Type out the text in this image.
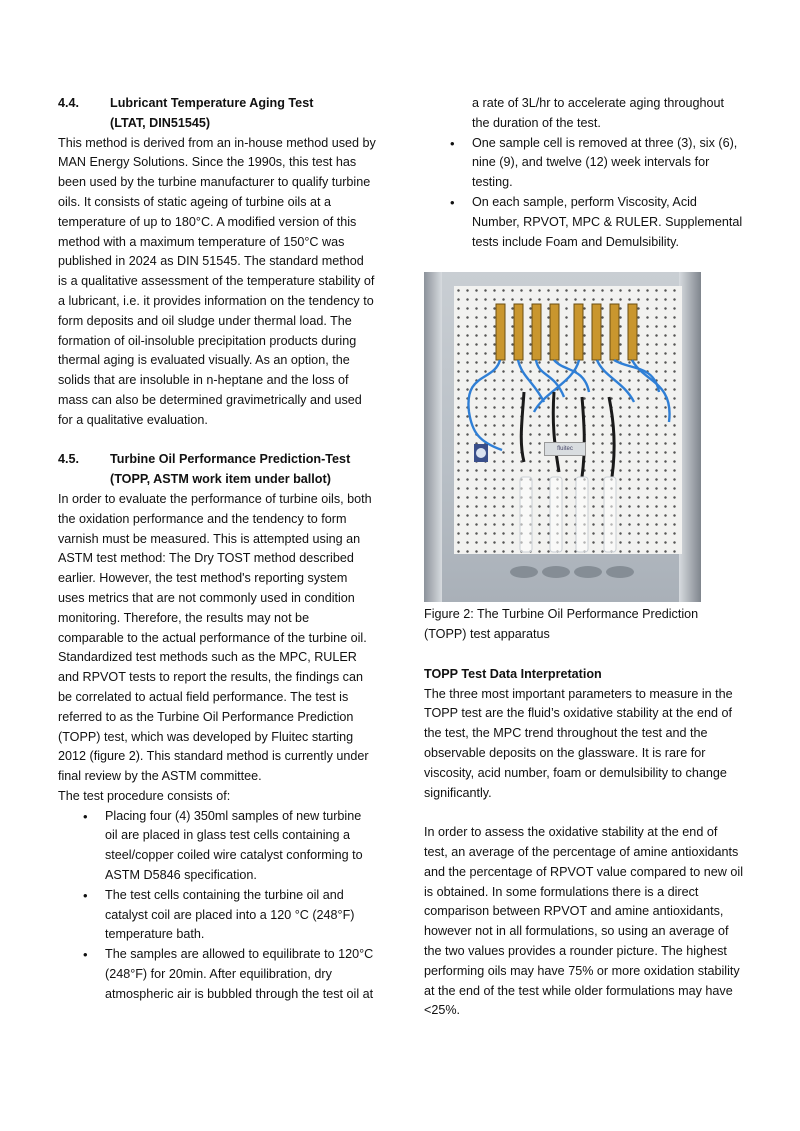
4.4.	Lubricant Temperature Aging Test
(LTAT, DIN51545)

This method is derived from an in-house method used by MAN Energy Solutions. Since the 1990s, this test has been used by the turbine manufacturer to qualify turbine oils. It consists of static ageing of turbine oils at a temperature of up to 180°C. A modified version of this method with a maximum temperature of 150°C was published in 2024 as DIN 51545. The standard method is a qualitative assessment of the temperature stability of a lubricant, i.e. it provides information on the tendency to form deposits and oil sludge under thermal load. The formation of oil-insoluble precipitation products during thermal aging is evaluated visually. As an option, the solids that are insoluble in n-heptane and the loss of mass can also be determined gravimetrically and used for a qualitative evaluation.

4.5.	Turbine Oil Performance Prediction-Test
(TOPP, ASTM work item under ballot)

In order to evaluate the performance of turbine oils, both the oxidation performance and the tendency to form varnish must be measured. This is attempted using an ASTM test method: The Dry TOST method described earlier. However, the test method's reporting system uses metrics that are not commonly used in condition monitoring. Therefore, the results may not be comparable to the actual performance of the turbine oil. Standardized test methods such as the MPC, RULER and RPVOT tests to report the results, the findings can be correlated to actual field performance. The test is referred to as the Turbine Oil Performance Prediction (TOPP) test, which was developed by Fluitec starting 2012 (figure 2). This standard method is currently under final review by the ASTM committee.

The test procedure consists of:

• Placing four (4) 350ml samples of new turbine oil are placed in glass test cells containing a steel/copper coiled wire catalyst conforming to ASTM D5846 specification.
• The test cells containing the turbine oil and catalyst coil are placed into a 120 °C (248°F) temperature bath.
• The samples are allowed to equilibrate to 120°C (248°F) for 20min. After equilibration, dry atmospheric air is bubbled through the test oil at

a rate of 3L/hr to accelerate aging throughout the duration of the test.

• One sample cell is removed at three (3), six (6), nine (9), and twelve (12) week intervals for testing.
• On each sample, perform Viscosity, Acid Number, RPVOT, MPC & RULER. Supplemental tests include Foam and Demulsibility.
fluitec

Figure 2: The Turbine Oil Performance Prediction (TOPP) test apparatus

TOPP Test Data Interpretation

The three most important parameters to measure in the TOPP test are the fluid’s oxidative stability at the end of the test, the MPC trend throughout the test and the observable deposits on the glassware. It is rare for viscosity, acid number, foam or demulsibility to change significantly.

In order to assess the oxidative stability at the end of test, an average of the percentage of amine antioxidants and the percentage of RPVOT value compared to new oil is obtained. In some formulations there is a direct comparison between RPVOT and amine antioxidants, however not in all formulations, so using an average of the two values provides a rounder picture. The highest performing oils may have 75% or more oxidation stability at the end of the test while older formulations may have <25%.
